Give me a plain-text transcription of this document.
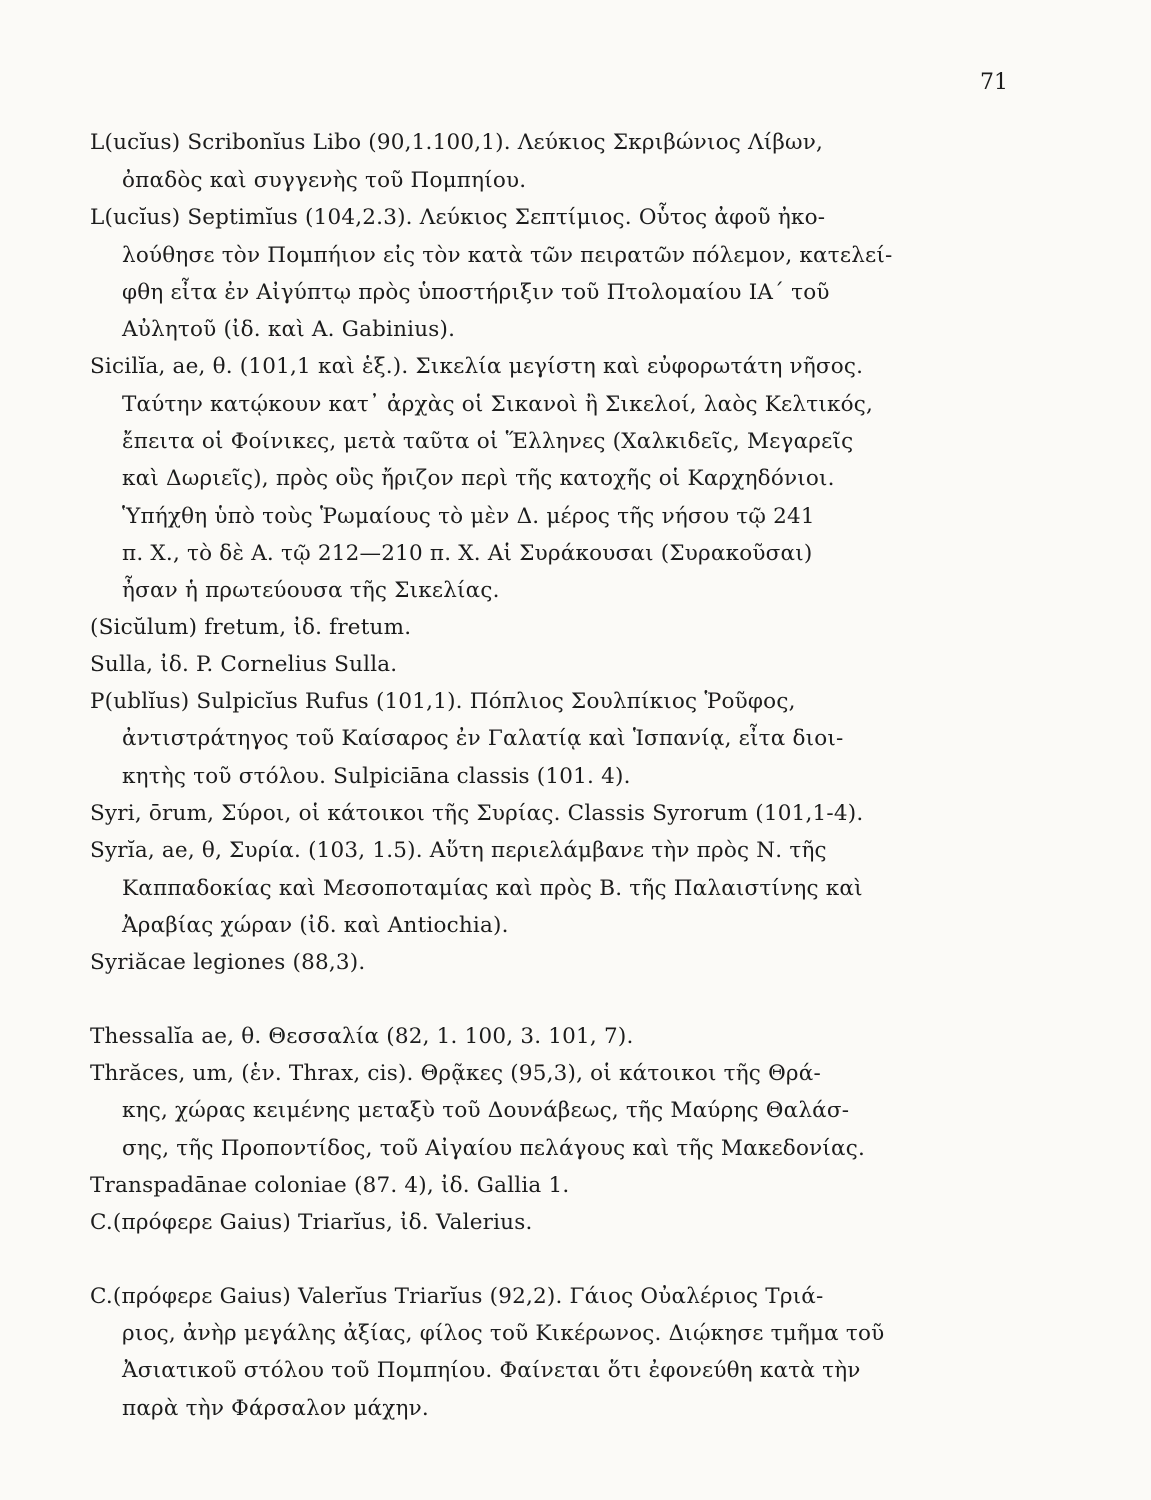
71
L(ucĭus) Scribonĭus Libo (90,1.100,1). Λεύκιος Σκριβώνιος Λίβων,
ὀπαδὸς καὶ συγγενὴς τοῦ Πομπηίου.
L(ucĭus) Septimĭus (104,2.3). Λεύκιος Σεπτίμιος. Οὗτος ἀφοῦ ἠκο-
λούθησε τὸν Πομπήιον εἰς τὸν κατὰ τῶν πειρατῶν πόλεμον, κατελεί-
φθη εἶτα ἐν Αἰγύπτῳ πρὸς ὑποστήριξιν τοῦ Πτολομαίου ΙΑ΄ τοῦ
Αὐλητοῦ (ἰδ. καὶ A. Gabinius).
Sicilĭa, ae, θ. (101,1 καὶ ἑξ.). Σικελία μεγίστη καὶ εὐφορωτάτη νῆσος.
Ταύτην κατῴκουν κατ᾽ ἀρχὰς οἱ Σικανοὶ ἢ Σικελοί, λαὸς Κελτικός,
ἔπειτα οἱ Φοίνικες, μετὰ ταῦτα οἱ Ἕλληνες (Χαλκιδεῖς, Μεγαρεῖς
καὶ Δωριεῖς), πρὸς οὓς ἤριζον περὶ τῆς κατοχῆς οἱ Καρχηδόνιοι.
Ὑπήχθη ὑπὸ τοὺς Ῥωμαίους τὸ μὲν Δ. μέρος τῆς νήσου τῷ 241
π. Χ., τὸ δὲ Α. τῷ 212—210 π. Χ. Αἱ Συράκουσαι (Συρακοῦσαι)
ἦσαν ἡ πρωτεύουσα τῆς Σικελίας.
(Sicŭlum) fretum, ἰδ. fretum.
Sulla, ἰδ. P. Cornelius Sulla.
P(ublĭus) Sulpicĭus Rufus (101,1). Πόπλιος Σουλπίκιος Ῥοῦφος,
ἀντιστράτηγος τοῦ Καίσαρος ἐν Γαλατίᾳ καὶ Ἱσπανίᾳ, εἶτα διοι-
κητὴς τοῦ στόλου. Sulpiciāna classis (101. 4).
Syri, ōrum, Σύροι, οἱ κάτοικοι τῆς Συρίας. Classis Syrorum (101,1-4).
Syrĭa, ae, θ, Συρία. (103, 1.5). Αὕτη περιελάμβανε τὴν πρὸς Ν. τῆς
Καππαδοκίας καὶ Μεσοποταμίας καὶ πρὸς Β. τῆς Παλαιστίνης καὶ
Ἀραβίας χώραν (ἰδ. καὶ Antiochia).
Syriăcae legiones (88,3).
Thessalĭa ae, θ. Θεσσαλία (82, 1. 100, 3. 101, 7).
Thrăces, um, (ἑν. Thrax, cis). Θρᾷκες (95,3), οἱ κάτοικοι τῆς Θρά-
κης, χώρας κειμένης μεταξὺ τοῦ Δουνάβεως, τῆς Μαύρης Θαλάσ-
σης, τῆς Προποντίδος, τοῦ Αἰγαίου πελάγους καὶ τῆς Μακεδονίας.
Transpadānae coloniae (87. 4), ἰδ. Gallia 1.
C.(πρόφερε Gaius) Triarĭus, ἰδ. Valerius.
C.(πρόφερε Gaius) Valerĭus Triarĭus (92,2). Γάιος Οὐαλέριος Τριά-
ριος, ἀνὴρ μεγάλης ἀξίας, φίλος τοῦ Κικέρωνος. Διῴκησε τμῆμα τοῦ
Ἀσιατικοῦ στόλου τοῦ Πομπηίου. Φαίνεται ὅτι ἐφονεύθη κατὰ τὴν
παρὰ τὴν Φάρσαλον μάχην.
